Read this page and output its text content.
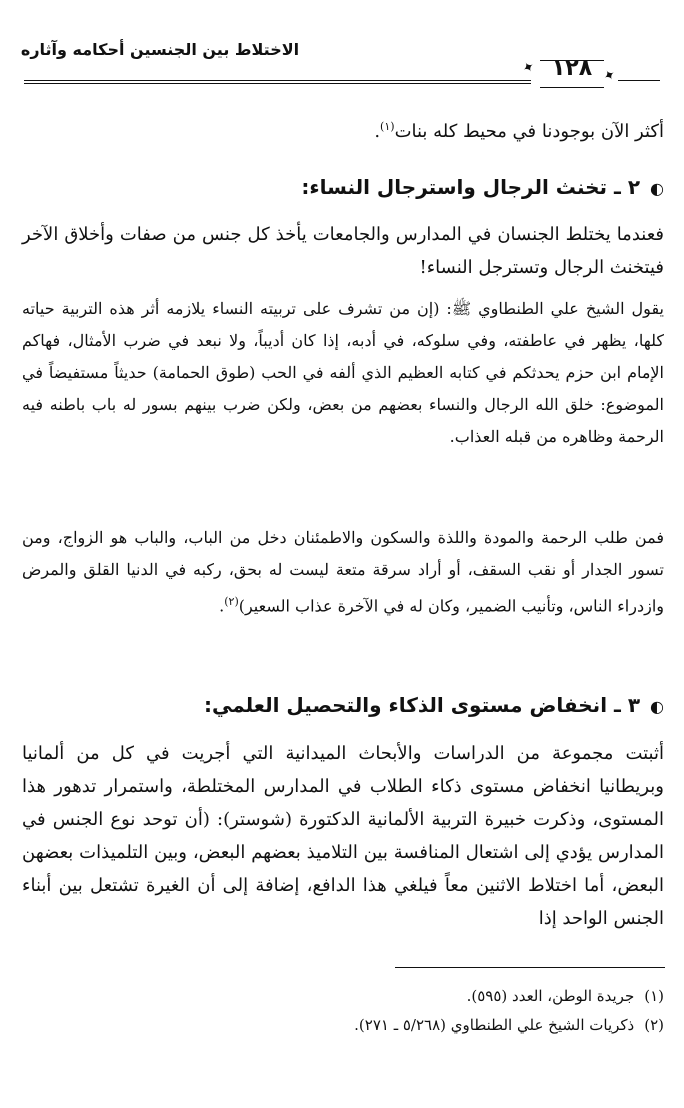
الاختلاط بين الجنسين أحكامه وآثاره
✦ ١٢٨ ✦
أكثر الآن بوجودنا في محيط كله بنات$^{(١)}$.
◐٢ ـ تخنث الرجال واسترجال النساء:
فعندما يختلط الجنسان في المدارس والجامعات يأخذ كل جنس من صفات وأخلاق الآخر فيتخنث الرجال وتسترجل النساء!
يقول الشيخ علي الطنطاوي ﷺ: (إن من تشرف على تربيته النساء يلازمه أثر هذه التربية حياته كلها، يظهر في عاطفته، وفي سلوكه، في أدبه، إذا كان أديباً، ولا نبعد في ضرب الأمثال، فهاكم الإمام ابن حزم يحدثكم في كتابه العظيم الذي ألفه في الحب (طوق الحمامة) حديثاً مستفيضاً في الموضوع: خلق الله الرجال والنساء بعضهم من بعض، ولكن ضرب بينهم بسور له باب باطنه فيه الرحمة وظاهره من قبله العذاب.
فمن طلب الرحمة والمودة واللذة والسكون والاطمئنان دخل من الباب، والباب هو الزواج، ومن تسور الجدار أو نقب السقف، أو أراد سرقة متعة ليست له بحق، ركبه في الدنيا القلق والمرض وازدراء الناس، وتأنيب الضمير، وكان له في الآخرة عذاب السعير)$^{(٢)}$.
◐٣ ـ انخفاض مستوى الذكاء والتحصيل العلمي:
أثبتت مجموعة من الدراسات والأبحاث الميدانية التي أجريت في كل من ألمانيا وبريطانيا انخفاض مستوى ذكاء الطلاب في المدارس المختلطة، واستمرار تدهور هذا المستوى، وذكرت خبيرة التربية الألمانية الدكتورة (شوستر): (أن توحد نوع الجنس في المدارس يؤدي إلى اشتعال المنافسة بين التلاميذ بعضهم البعض، وبين التلميذات بعضهن البعض، أما اختلاط الاثنين معاً فيلغي هذا الدافع، إضافة إلى أن الغيرة تشتعل بين أبناء الجنس الواحد إذا
(١)جريدة الوطن، العدد (٥٩٥).
(٢)ذكريات الشيخ علي الطنطاوي (٥/٢٦٨ ـ ٢٧١).
